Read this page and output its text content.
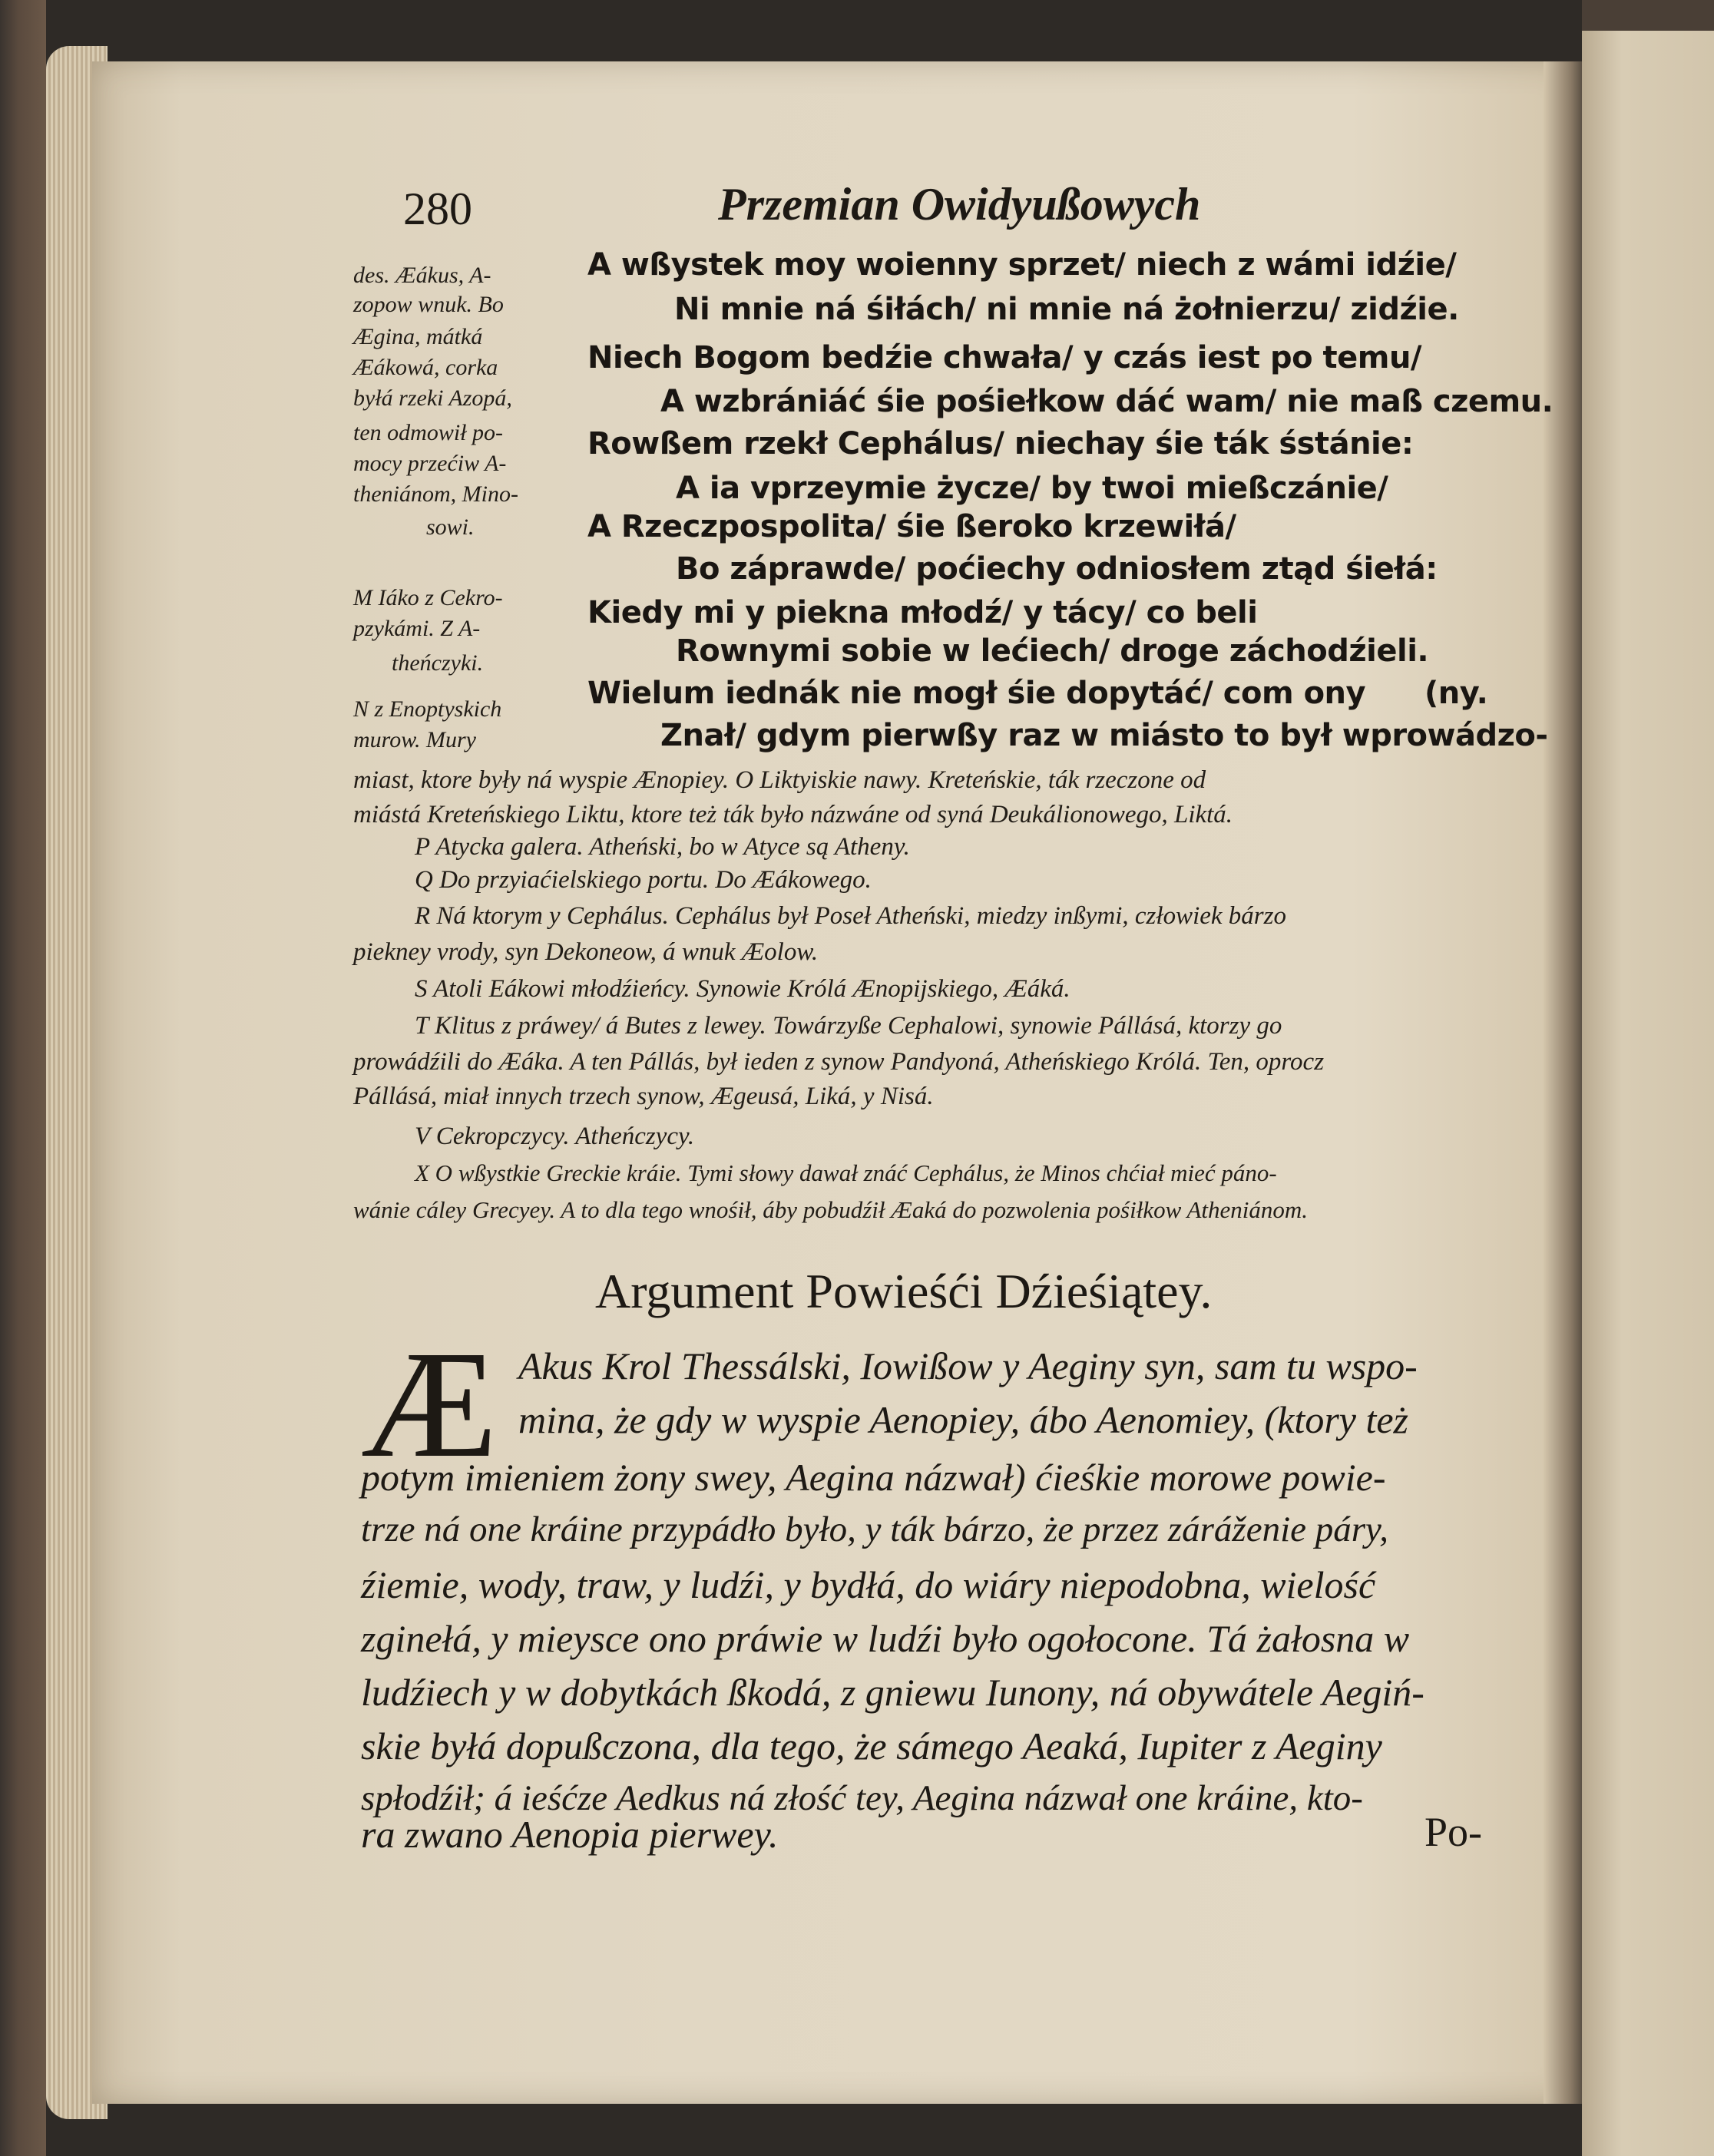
280	Przemian Owidyußowych
des. Æákus, A-
zopow wnuk. Bo
Ægina, mátká
Æákowá, corka
byłá rzeki Azopá,
ten odmowił po-
mocy przećiw A-
theniánom, Mino-
sowi.
M Iáko z Cekro-
pzykámi. Z A-
theńczyki.
N z Enoptyskich
murow. Mury
A wßystek moy woienny sprzet/ niech z wámi idźie/
Ni mnie ná śiłách/ ni mnie ná żołnierzu/ zidźie.
Niech Bogom bedźie chwała/ y czás iest po temu/
A wzbrániáć śie pośiełkow dáć wam/ nie maß czemu.
Rowßem rzekł Cephálus/ niechay śie ták śstánie:
A ia vprzeymie życze/ by twoi mießczánie/
A Rzeczpospolita/ śie ßeroko krzewiłá/
Bo záprawde/ poćiechy odniosłem ztąd śiełá:
Kiedy mi y piekna młodź/ y tácy/ co beli
Rownymi sobie w lećiech/ droge záchodźieli.
Wielum iednák nie mogł śie dopytáć/ com ony (ny.
Znał/ gdym pierwßy raz w miásto to był wprowádzo-
miast, ktore były ná wyspie Ænopiey. O Liktyiskie nawy. Kreteńskie, ták rzeczone od
miástá Kreteńskiego Liktu, ktore też ták było názwáne od syná Deukálionowego, Liktá.
P Atycka galera. Atheński, bo w Atyce są Atheny.
Q Do przyiaćielskiego portu. Do Æákowego.
R Ná ktorym y Cephálus. Cephálus był Poseł Atheński, miedzy inßymi, człowiek bárzo
piekney vrody, syn Dekoneow, á wnuk Æolow.
S Atoli Eákowi młodźieńcy. Synowie Królá Ænopijskiego, Æáká.
T Klitus z práwey/ á Butes z lewey. Towárzyße Cephalowi, synowie Pállásá, ktorzy go
prowádźili do Æáka. A ten Pállás, był ieden z synow Pandyoná, Atheńskiego Królá. Ten, oprocz
Pállásá, miał innych trzech synow, Ægeusá, Liká, y Nisá.
V Cekropczycy. Atheńczycy.
X O wßystkie Greckie kráie. Tymi słowy dawał znáć Cephálus, że Minos chćiał mieć páno-
wánie cáley Grecyey. A to dla tego wnośił, áby pobudźił Æaká do pozwolenia pośiłkow Atheniánom.
Argument Powieśći Dźieśiątey.
Æ Akus Krol Thessálski, Iowißow y Aeginy syn, sam tu wspo-
mina, że gdy w wyspie Aenopiey, ábo Aenomiey, (ktory też
potym imieniem żony swey, Aegina názwał) ćieśkie morowe powie-
trze ná one kráine przypádło było, y ták bárzo, że przez záráženie páry,
źiemie, wody, traw, y ludźi, y bydłá, do wiáry niepodobna, wielość
zginełá, y mieysce ono práwie w ludźi było ogołocone. Tá żałosna w
ludźiech y w dobytkách ßkodá, z gniewu Iunony, ná obywátele Aegiń-
skie byłá dopußczona, dla tego, że sámego Aeaká, Iupiter z Aeginy
spłodźił; á ieśćze Aedkus ná złość tey, Aegina názwał one kráine, kto-
ra zwano Aenopia pierwey.	Po-
